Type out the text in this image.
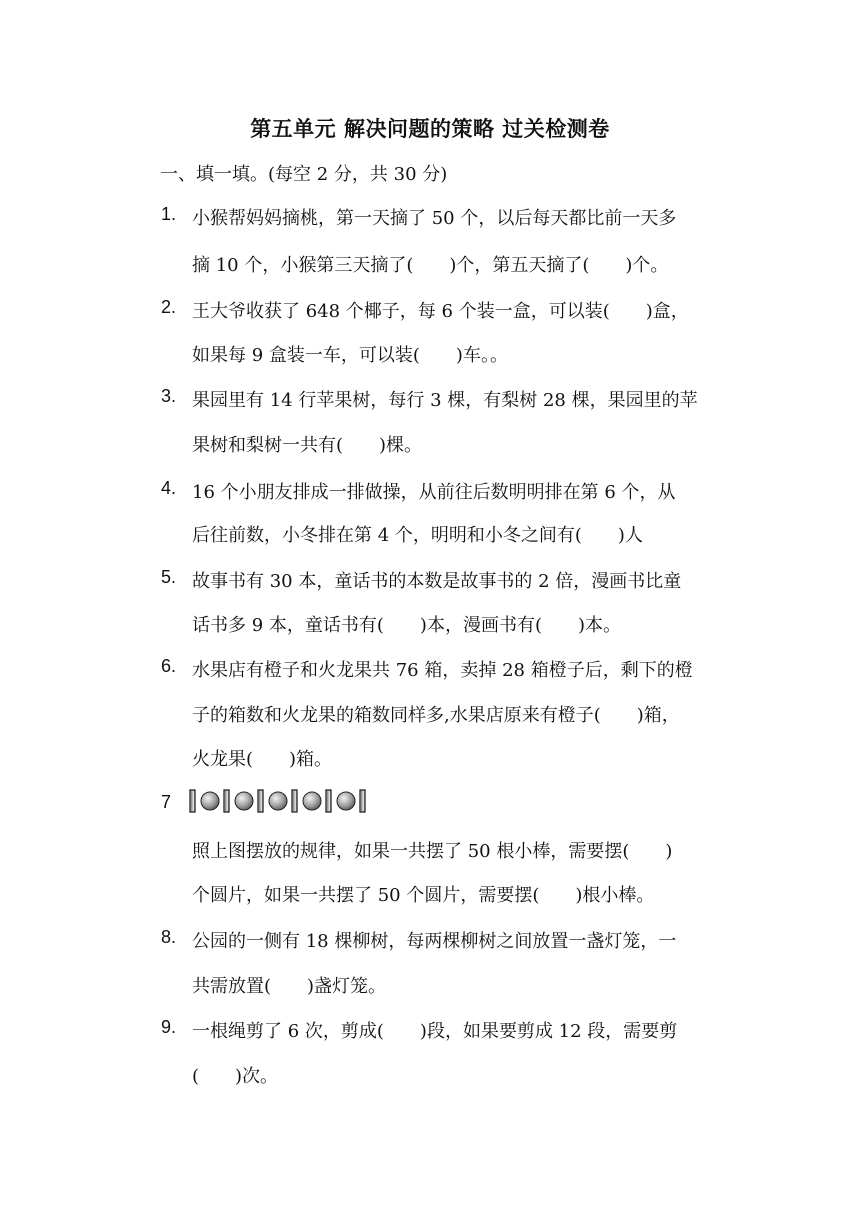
第五单元 解决问题的策略 过关检测卷
一、填一填。(每空 2 分，共 30 分)
1. 小猴帮妈妈摘桃，第一天摘了 50 个，以后每天都比前一天多
摘 10 个，小猴第三天摘了(　　)个，第五天摘了(　　)个。
2. 王大爷收获了 648 个椰子，每 6 个装一盒，可以装(　　)盒，
如果每 9 盒装一车，可以装(　　)车。。
3. 果园里有 14 行苹果树，每行 3 棵，有梨树 28 棵，果园里的苹
果树和梨树一共有(　　)棵。
4. 16 个小朋友排成一排做操，从前往后数明明排在第 6 个，从
后往前数，小冬排在第 4 个，明明和小冬之间有(　　)人
5. 故事书有 30 本，童话书的本数是故事书的 2 倍，漫画书比童
话书多 9 本，童话书有(　　)本，漫画书有(　　)本。
6. 水果店有橙子和火龙果共 76 箱，卖掉 28 箱橙子后，剩下的橙
子的箱数和火龙果的箱数同样多,水果店原来有橙子(　　)箱，
火龙果(　　)箱。
7
照上图摆放的规律，如果一共摆了 50 根小棒，需要摆(　　)
个圆片，如果一共摆了 50 个圆片，需要摆(　　)根小棒。
8. 公园的一侧有 18 棵柳树，每两棵柳树之间放置一盏灯笼，一
共需放置(　　)盏灯笼。
9. 一根绳剪了 6 次，剪成(　　)段，如果要剪成 12 段，需要剪
(　　)次。
